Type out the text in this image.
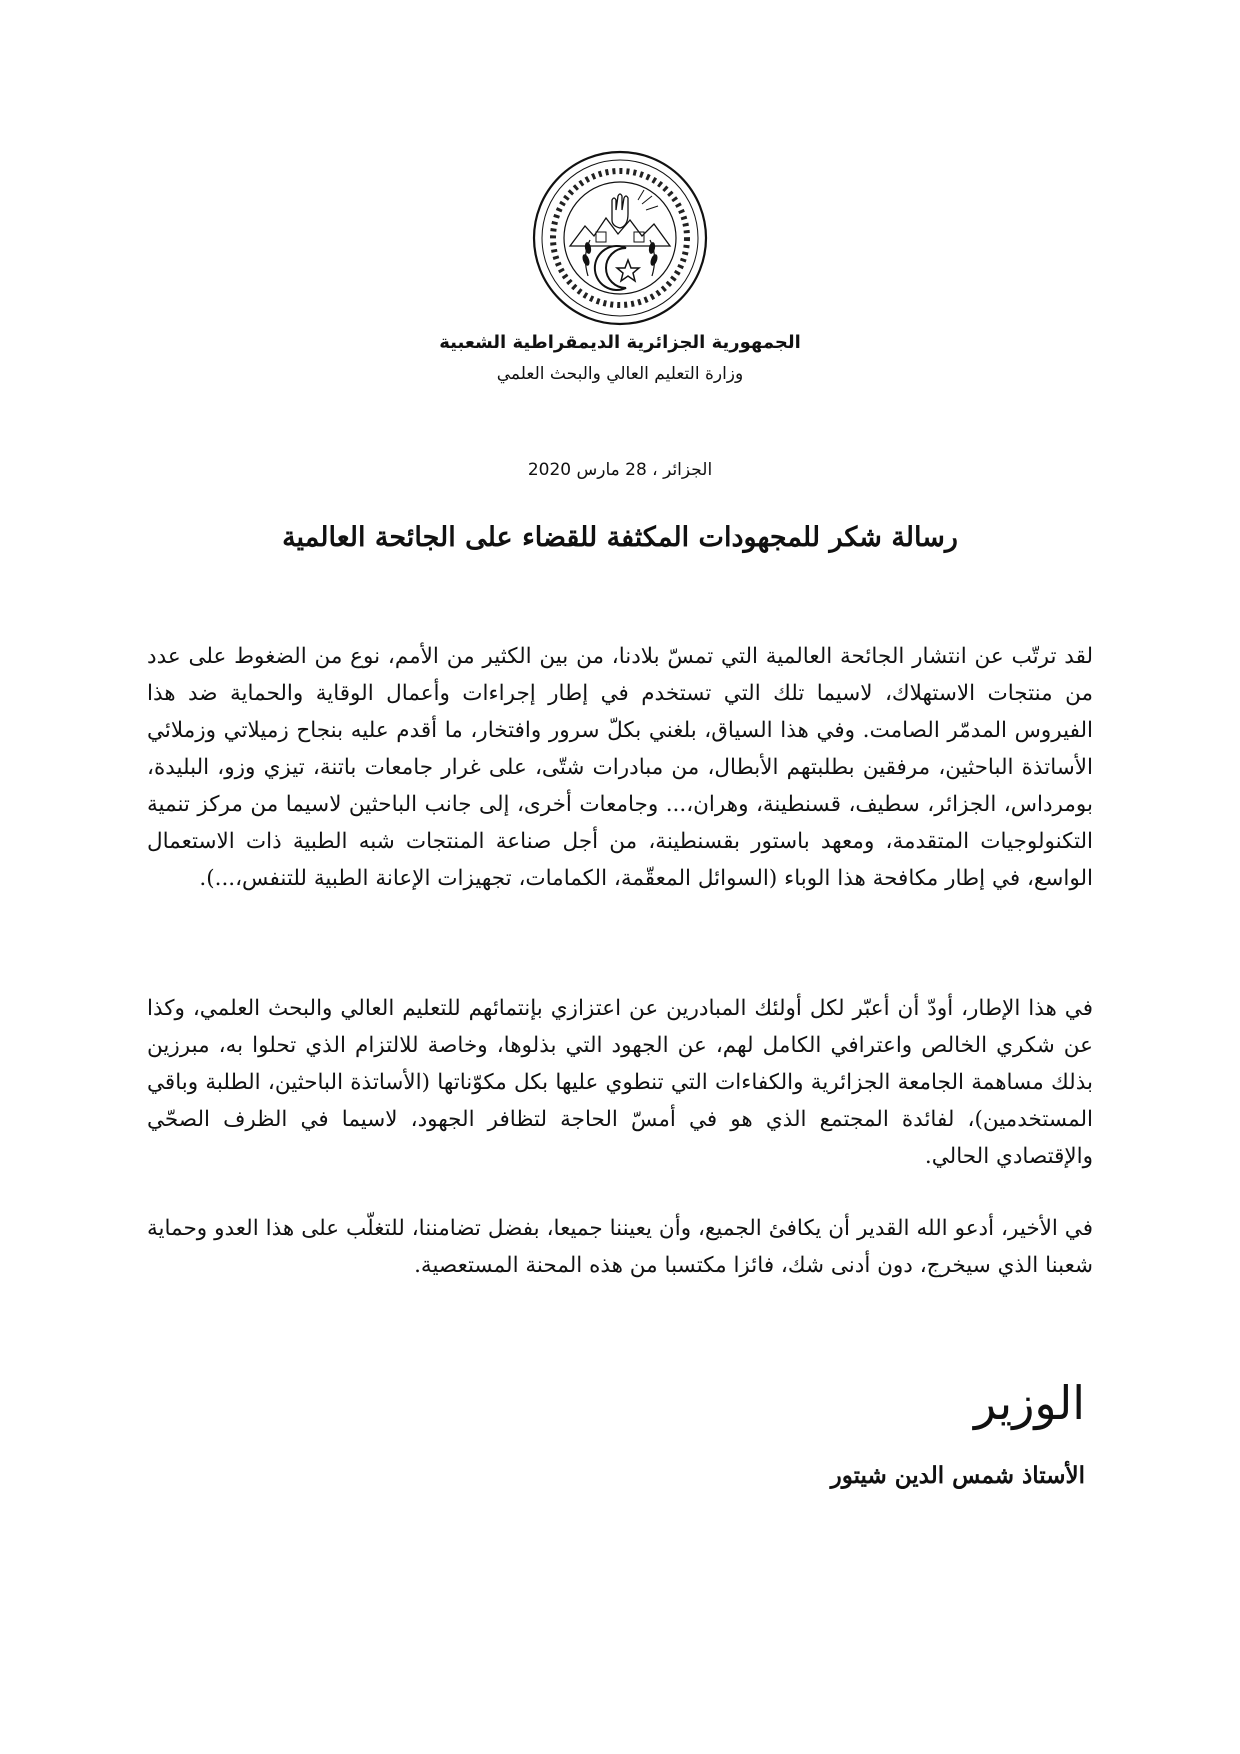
الجمهورية الجزائرية الديمقراطية الشعبية
وزارة التعليم العالي والبحث العلمي
الجزائر ، 28 مارس 2020
رسالة شكر للمجهودات المكثفة للقضاء على الجائحة العالمية

لقد ترتّب عن انتشار الجائحة العالمية التي تمسّ بلادنا، من بين الكثير من الأمم، نوع من الضغوط على عدد من منتجات الاستهلاك، لاسيما تلك التي تستخدم في إطار إجراءات وأعمال الوقاية والحماية ضد هذا الفيروس المدمّر الصامت. وفي هذا السياق، بلغني بكلّ سرور وافتخار، ما أقدم عليه بنجاح زميلاتي وزملائي الأساتذة الباحثين، مرفقين بطلبتهم الأبطال، من مبادرات شتّى، على غرار جامعات باتنة، تيزي وزو، البليدة، بومرداس، الجزائر، سطيف، قسنطينة، وهران،... وجامعات أخرى، إلى جانب الباحثين لاسيما من مركز تنمية التكنولوجيات المتقدمة، ومعهد باستور بقسنطينة، من أجل صناعة المنتجات شبه الطبية ذات الاستعمال الواسع، في إطار مكافحة هذا الوباء (السوائل المعقّمة، الكمامات، تجهيزات الإعانة الطبية للتنفس،...).

في هذا الإطار، أودّ أن أعبّر لكل أولئك المبادرين عن اعتزازي بإنتمائهم للتعليم العالي والبحث العلمي، وكذا عن شكري الخالص واعترافي الكامل لهم، عن الجهود التي بذلوها، وخاصة للالتزام الذي تحلوا به، مبرزين بذلك مساهمة الجامعة الجزائرية والكفاءات التي تنطوي عليها بكل مكوّناتها (الأساتذة الباحثين، الطلبة وباقي المستخدمين)، لفائدة المجتمع الذي هو في أمسّ الحاجة لتظافر الجهود، لاسيما في الظرف الصحّي والإقتصادي الحالي.

في الأخير، أدعو الله القدير أن يكافئ الجميع، وأن يعيننا جميعا، بفضل تضامننا، للتغلّب على هذا العدو وحماية شعبنا الذي سيخرج، دون أدنى شك، فائزا مكتسبا من هذه المحنة المستعصية.

الوزير
الأستاذ شمس الدين شيتور
